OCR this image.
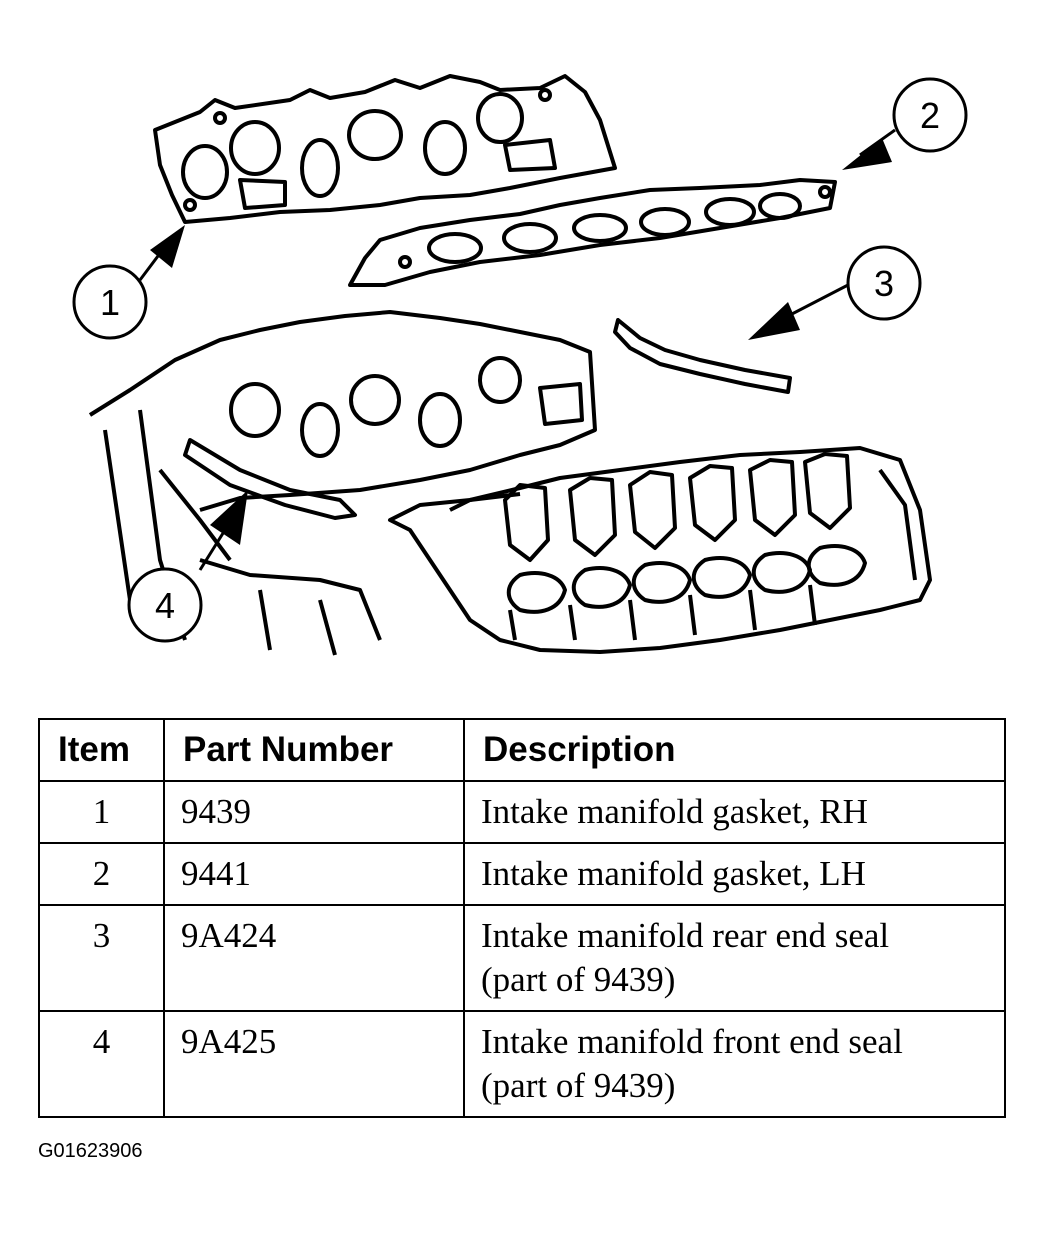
1
2
3
4
Item	Part Number	Description
1	9439	Intake manifold gasket, RH

2	9441	Intake manifold gasket, LH

3	9A424	Intake manifold rear end seal
(part of 9439)

4	9A425	Intake manifold front end seal
(part of 9439)
G01623906
